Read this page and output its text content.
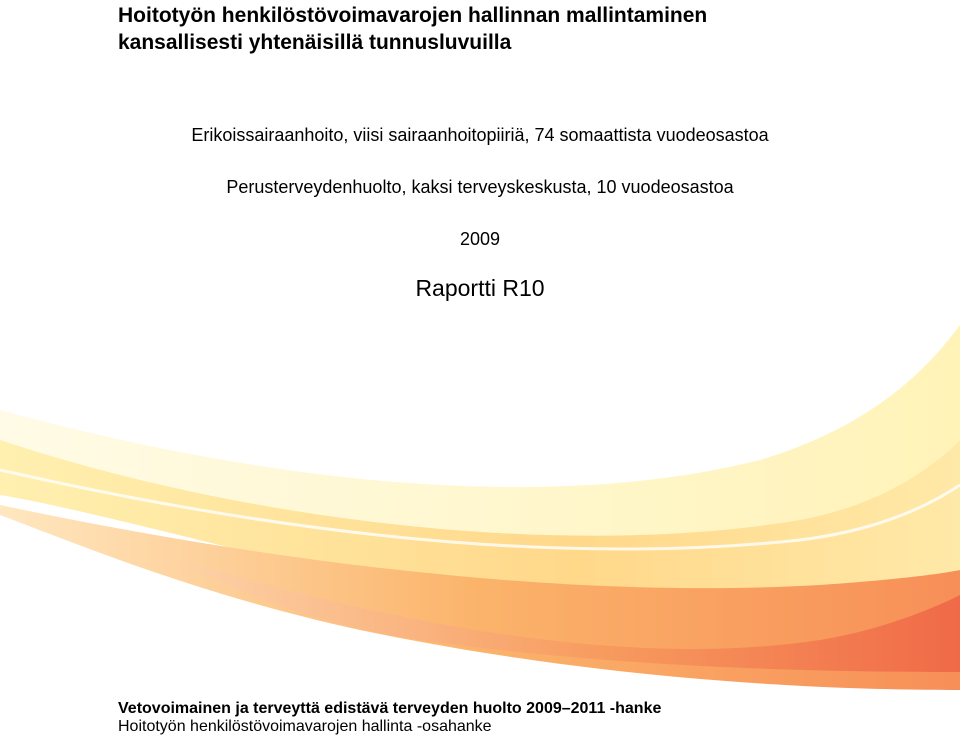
Hoitotyön henkilöstövoimavarojen hallinnan mallintaminen
kansallisesti yhtenäisillä tunnusluvuilla
Erikoissairaanhoito, viisi sairaanhoitopiiriä, 74 somaattista vuodeosastoa
Perusterveydenhuolto, kaksi terveyskeskusta, 10 vuodeosastoa
2009
Raportti R10
Vetovoimainen ja terveyttä edistävä terveyden huolto 2009–2011 -hanke
Hoitotyön henkilöstövoimavarojen hallinta -osahanke
